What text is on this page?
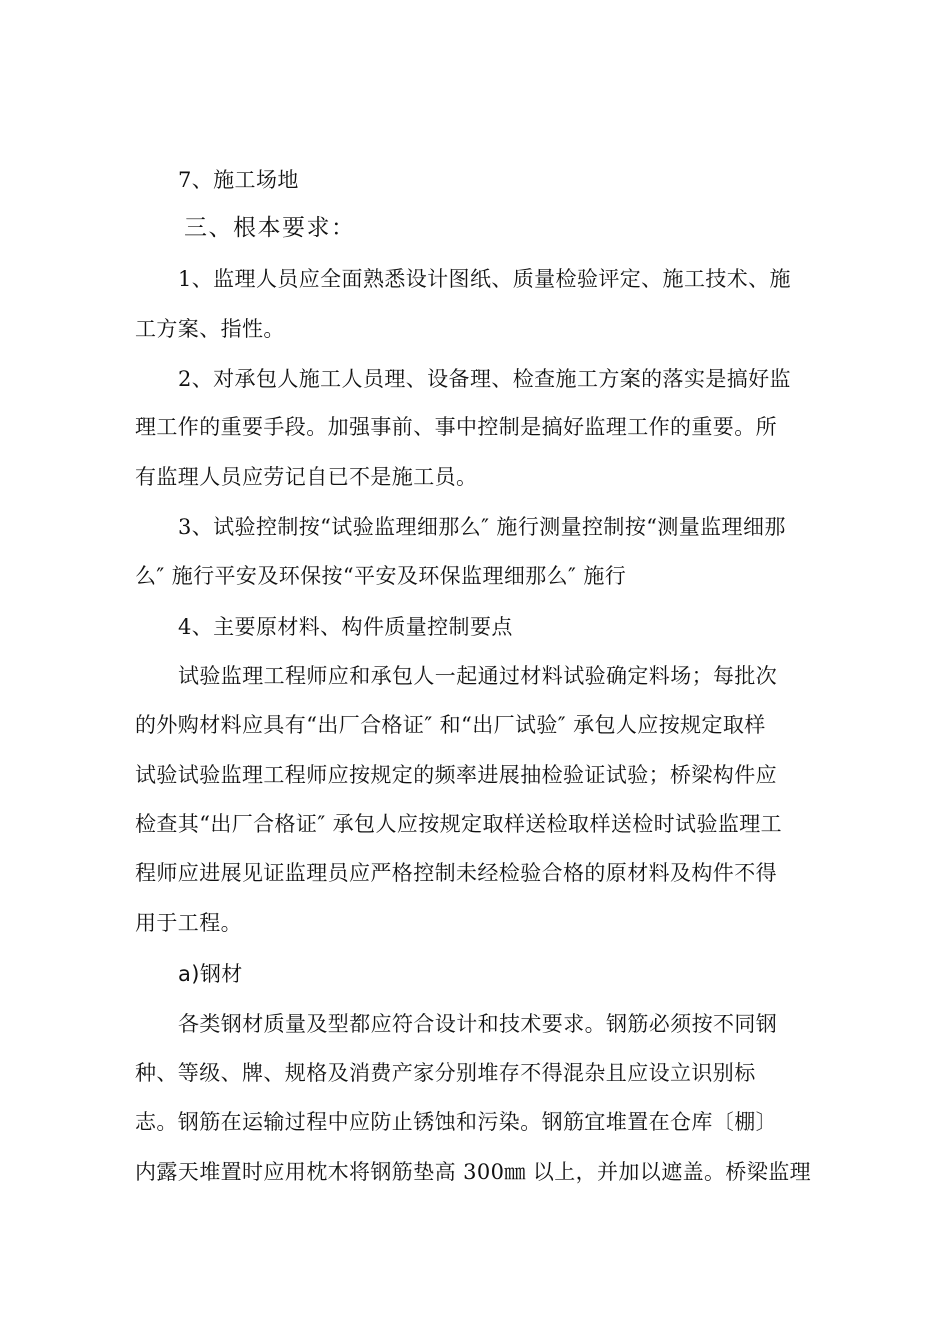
7、施工场地
三、根本要求：
1、监理人员应全面熟悉设计图纸、质量检验评定、施工技术、施
工方案、指性。
2、对承包人施工人员理、设备理、检查施工方案的落实是搞好监
理工作的重要手段。加强事前、事中控制是搞好监理工作的重要。所
有监理人员应劳记自已不是施工员。
3、试验控制按“试验监理细那么″ 施行测量控制按“测量监理细那
么″ 施行平安及环保按“平安及环保监理细那么″ 施行
4、主要原材料、构件质量控制要点
试验监理工程师应和承包人一起通过材料试验确定料场；每批次
的外购材料应具有“出厂合格证″ 和“出厂试验″ 承包人应按规定取样
试验试验监理工程师应按规定的频率进展抽检验证试验；桥梁构件应
检查其“出厂合格证″ 承包人应按规定取样送检取样送检时试验监理工
程师应进展见证监理员应严格控制未经检验合格的原材料及构件不得
用于工程。
a)钢材
各类钢材质量及型都应符合设计和技术要求。钢筋必须按不同钢
种、等级、牌、规格及消费产家分别堆存不得混杂且应设立识别标
志。钢筋在运输过程中应防止锈蚀和污染。钢筋宜堆置在仓库〔棚〕
内露天堆置时应用枕木将钢筋垫高 300㎜ 以上，并加以遮盖。桥梁监理
